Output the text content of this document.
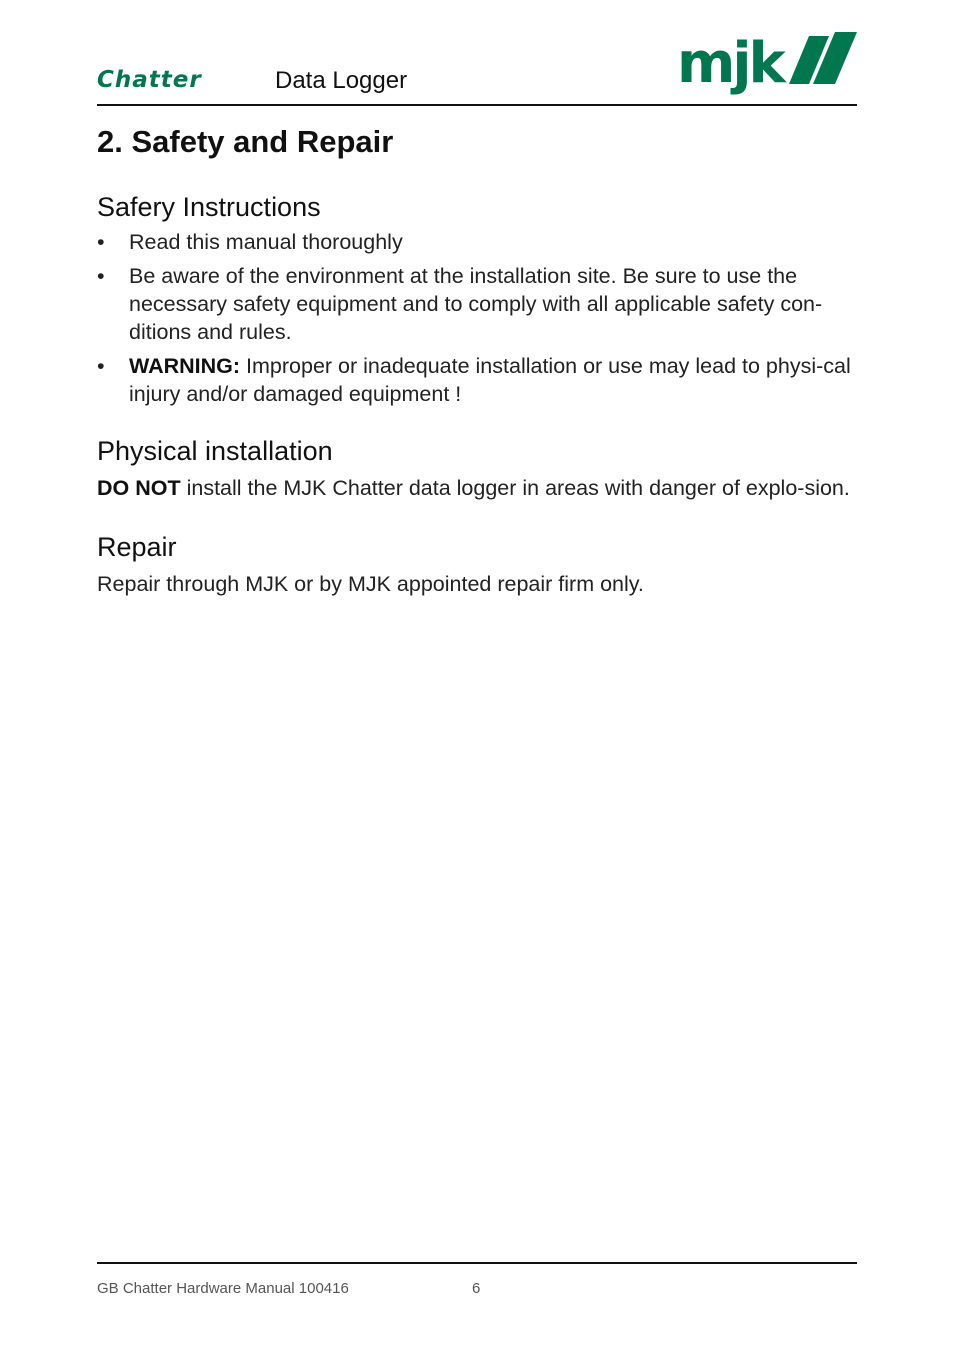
Chatter	Data Logger	mjk
2. Safety and Repair
Safery Instructions
• Read this manual thoroughly
• Be aware of the environment at the installation site. Be sure to use the necessary safety equipment and to comply with all applicable safety con-ditions and rules.
• WARNING: Improper or inadequate installation or use may lead to physi-cal injury and/or damaged equipment !
Physical installation

DO NOT install the MJK Chatter data logger in areas with danger of explo-sion.

Repair

Repair through MJK or by MJK appointed repair firm only.

GB Chatter Hardware Manual 100416	6
